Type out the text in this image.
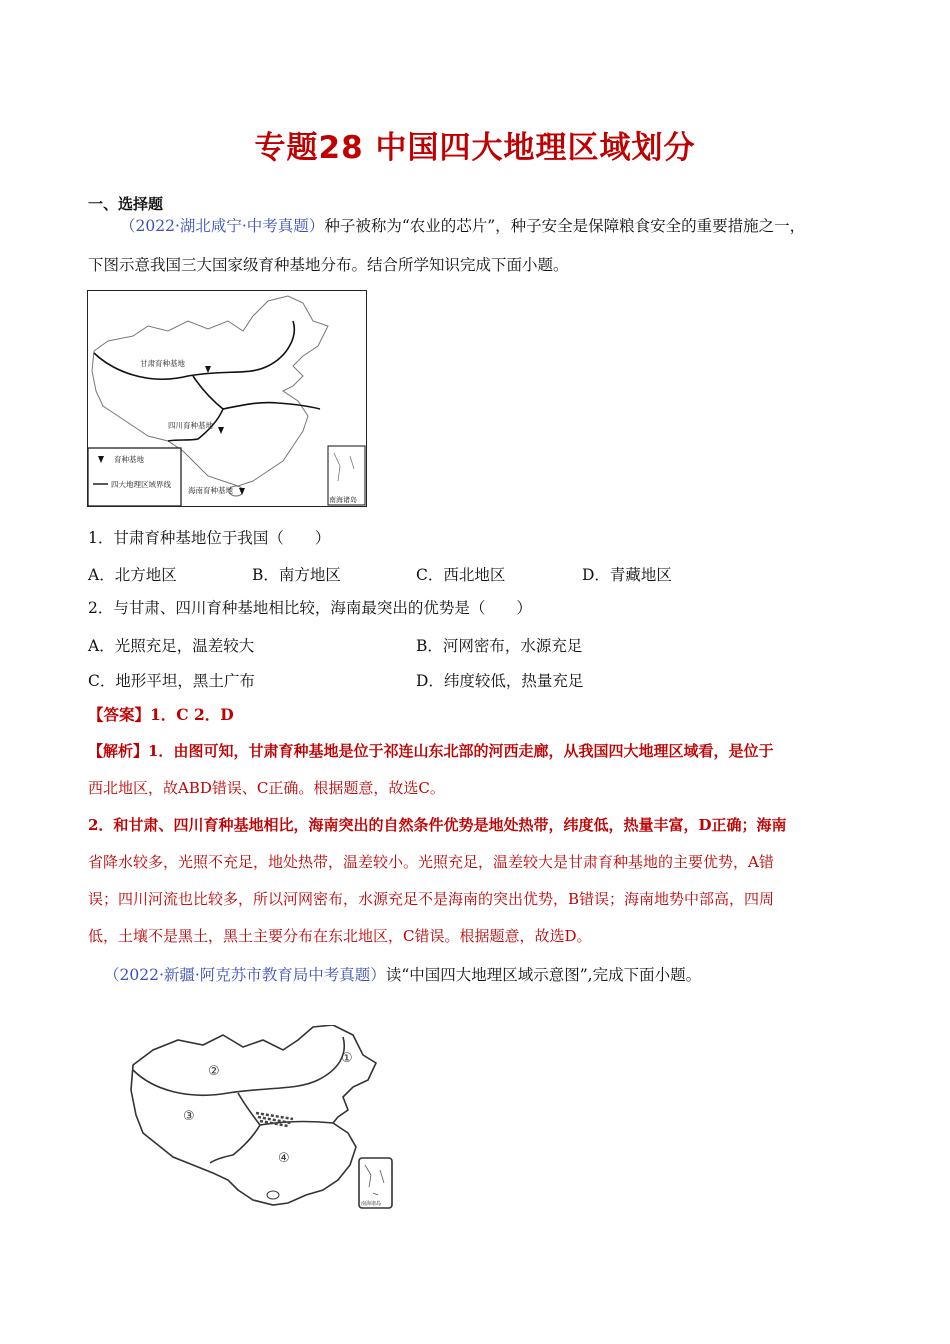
专题28 中国四大地理区域划分
一、选择题
（2022·湖北咸宁·中考真题）种子被称为“农业的芯片”，种子安全是保障粮食安全的重要措施之一，
下图示意我国三大国家级育种基地分布。结合所学知识完成下面小题。
甘肃育种基地
四川育种基地
海南育种基地
育种基地
四大地理区域界线
南海诸岛
1．甘肃育种基地位于我国（　　）
A．北方地区	B．南方地区	C．西北地区	D．青藏地区
2．与甘肃、四川育种基地相比较，海南最突出的优势是（　　）
A．光照充足，温差较大	B．河网密布，水源充足
C．地形平坦，黑土广布	D．纬度较低，热量充足
【答案】1．C 2．D
【解析】1．由图可知，甘肃育种基地是位于祁连山东北部的河西走廊，从我国四大地理区域看，是位于
西北地区，故ABD错误、C正确。根据题意，故选C。
2．和甘肃、四川育种基地相比，海南突出的自然条件优势是地处热带，纬度低，热量丰富，D正确；海南
省降水较多，光照不充足，地处热带，温差较小。光照充足，温差较大是甘肃育种基地的主要优势，A错
误；四川河流也比较多，所以河网密布，水源充足不是海南的突出优势，B错误；海南地势中部高，四周
低，土壤不是黑土，黑土主要分布在东北地区，C错误。根据题意，故选D。
（2022·新疆·阿克苏市教育局中考真题）读“中国四大地理区域示意图”,完成下面小题。
①
②
③
④
南海诸岛
